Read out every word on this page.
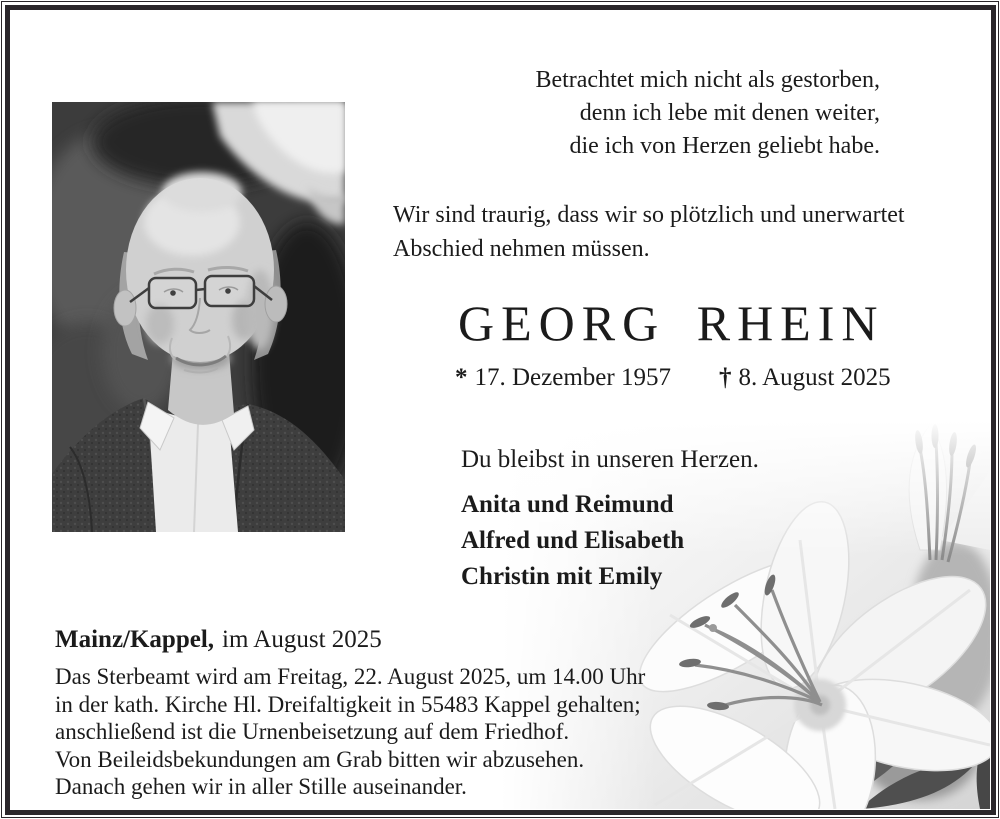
Betrachtet mich nicht als gestorben,
denn ich lebe mit denen weiter,
die ich von Herzen geliebt habe.
Wir sind traurig, dass wir so plötzlich und unerwartet
Abschied nehmen müssen.
GEORG RHEIN
* 17. Dezember 1957 † 8. August 2025
Du bleibst in unseren Herzen.
Anita und Reimund
Alfred und Elisabeth
Christin mit Emily
Mainz/Kappel, im August 2025
Das Sterbeamt wird am Freitag, 22. August 2025, um 14.00 Uhr
in der kath. Kirche Hl. Dreifaltigkeit in 55483 Kappel gehalten;
anschließend ist die Urnenbeisetzung auf dem Friedhof.
Von Beileidsbekundungen am Grab bitten wir abzusehen.
Danach gehen wir in aller Stille auseinander.
